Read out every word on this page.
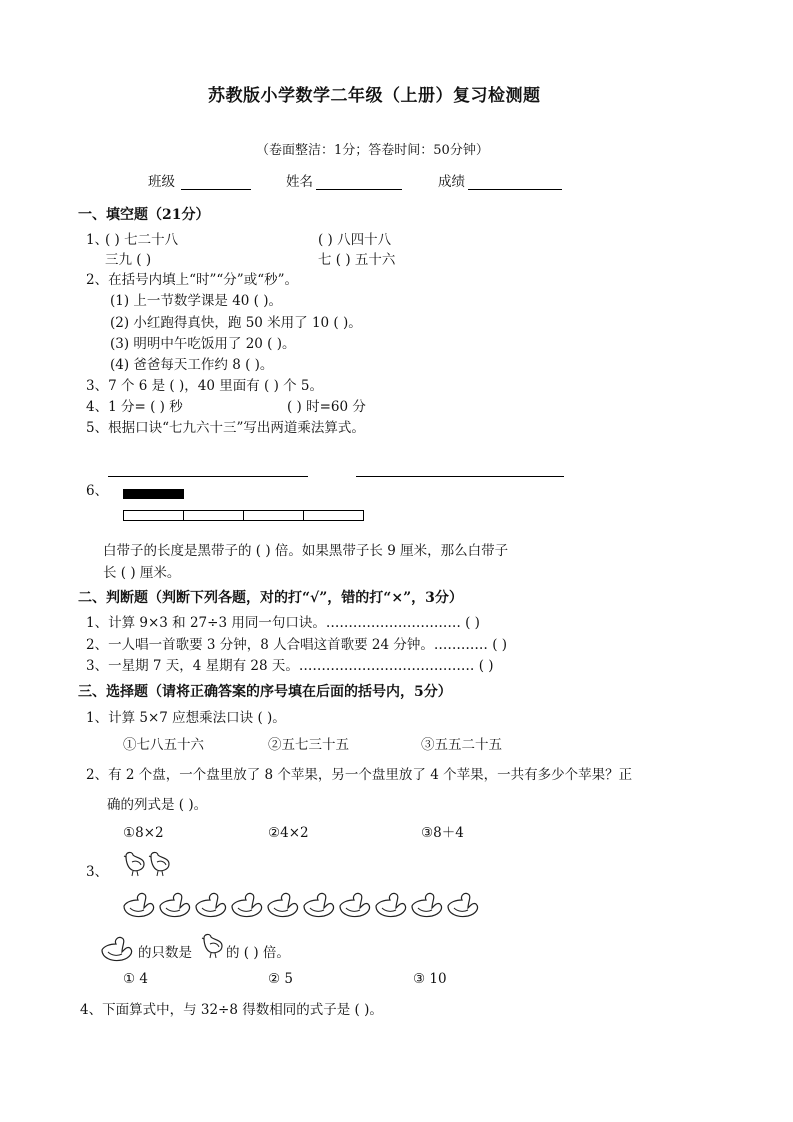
苏教版小学数学二年级（上册）复习检测题
（卷面整洁：1分；答卷时间：50分钟）
班级	姓名	成绩
一、填空题（21分）
1、
( ) 七二十八	( ) 八四十八
三九 ( )	七 ( ) 五十六
2、在括号内填上“时”“分”或“秒”。
(1) 上一节数学课是 40 ( )。
(2) 小红跑得真快，跑 50 米用了 10 ( )。
(3) 明明中午吃饭用了 20 ( )。
(4) 爸爸每天工作约 8 ( )。
3、7 个 6 是 ( )，40 里面有 ( ) 个 5。
4、1 分= ( ) 秒	( ) 时=60 分
5、根据口诀“七九六十三”写出两道乘法算式。
6、
白带子的长度是黑带子的 ( ) 倍。如果黑带子长 9 厘米，那么白带子
长 ( ) 厘米。
二、判断题（判断下列各题，对的打“√”，错的打“×”，3分）
1、计算 9×3 和 27÷3 用同一句口诀。………………………… ( )
2、一人唱一首歌要 3 分钟，8 人合唱这首歌要 24 分钟。………… ( )
3、一星期 7 天，4 星期有 28 天。………………………………… ( )
三、选择题（请将正确答案的序号填在后面的括号内，5分）
1、计算 5×7 应想乘法口诀 ( )。
①七八五十六	②五七三十五	③五五二十五
2、有 2 个盘，一个盘里放了 8 个苹果，另一个盘里放了 4 个苹果，一共有多少个苹果？正
确的列式是 ( )。
①8×2	②4×2	③8＋4
3、
的只数是	的 ( ) 倍。
① 4	② 5	③ 10
4、下面算式中，与 32÷8 得数相同的式子是 ( )。
